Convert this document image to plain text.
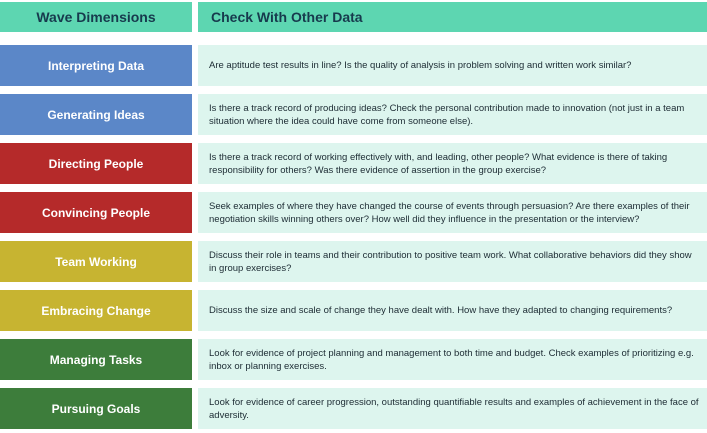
Wave Dimensions	Check With Other Data
Interpreting Data	Are aptitude test results in line? Is the quality of analysis in problem solving and written work similar?
Generating Ideas	Is there a track record of producing ideas? Check the personal contribution made to innovation (not just in a team situation where the idea could have come from someone else).
Directing People	Is there a track record of working effectively with, and leading, other people? What evidence is there of taking responsibility for others? Was there evidence of assertion in the group exercise?
Convincing People	Seek examples of where they have changed the course of events through persuasion? Are there examples of their negotiation skills winning others over? How well did they influence in the presentation or the interview?
Team Working	Discuss their role in teams and their contribution to positive team work. What collaborative behaviors did they show in group exercises?
Embracing Change	Discuss the size and scale of change they have dealt with. How have they adapted to changing requirements?
Managing Tasks	Look for evidence of project planning and management to both time and budget. Check examples of prioritizing e.g. inbox or planning exercises.
Pursuing Goals	Look for evidence of career progression, outstanding quantifiable results and examples of achievement in the face of adversity.
